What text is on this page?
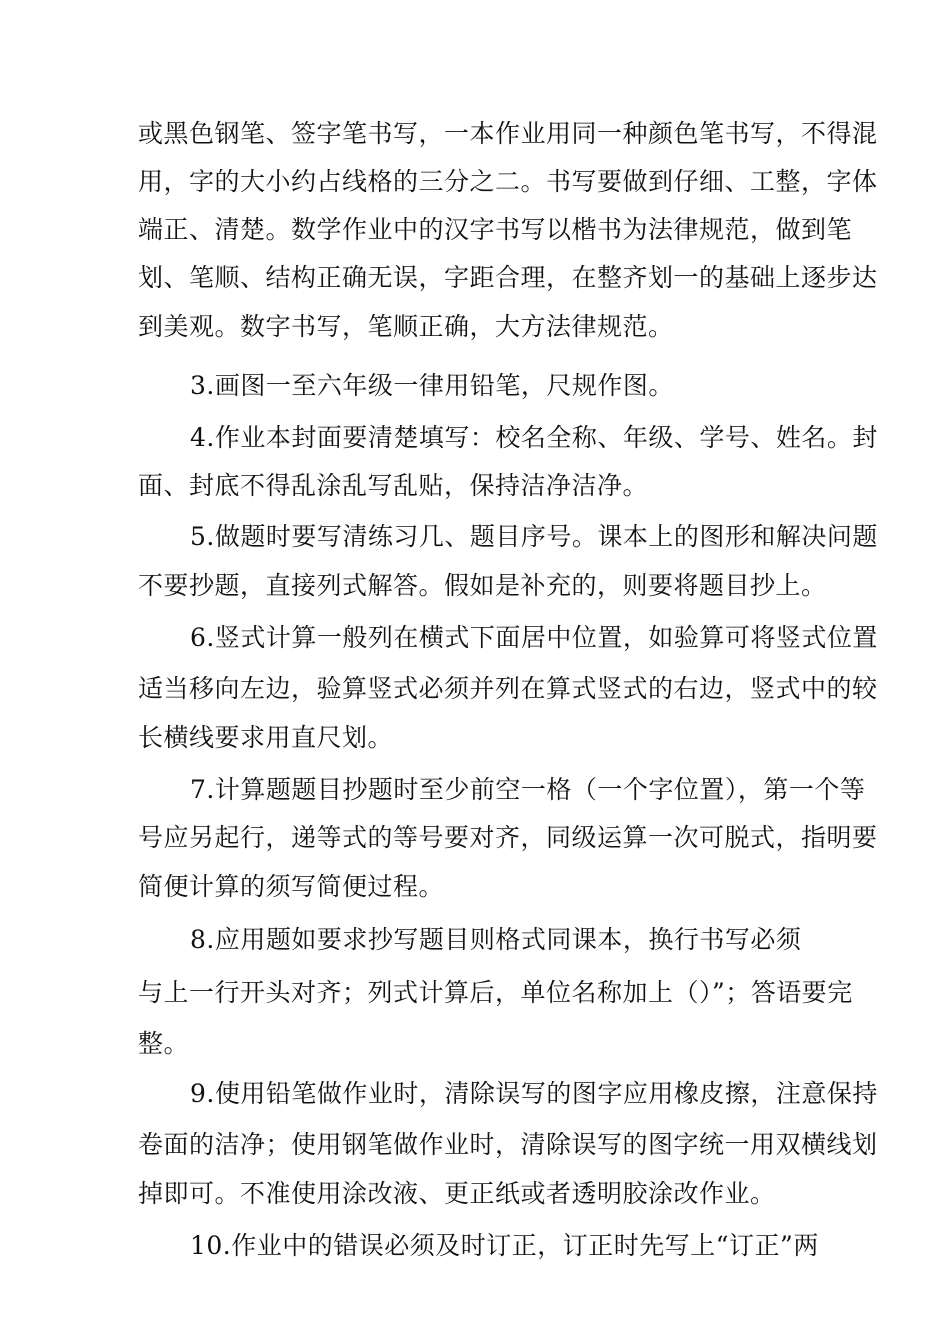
或黑色钢笔、签字笔书写，一本作业用同一种颜色笔书写，不得混
用，字的大小约占线格的三分之二。书写要做到仔细、工整，字体
端正、清楚。数学作业中的汉字书写以楷书为法律规范，做到笔
划、笔顺、结构正确无误，字距合理，在整齐划一的基础上逐步达
到美观。数字书写，笔顺正确，大方法律规范。
3.画图一至六年级一律用铅笔，尺规作图。
4.作业本封面要清楚填写：校名全称、年级、学号、姓名。封
面、封底不得乱涂乱写乱贴，保持洁净洁净。
5.做题时要写清练习几、题目序号。课本上的图形和解决问题
不要抄题，直接列式解答。假如是补充的，则要将题目抄上。
6.竖式计算一般列在横式下面居中位置，如验算可将竖式位置
适当移向左边，验算竖式必须并列在算式竖式的右边，竖式中的较
长横线要求用直尺划。
7.计算题题目抄题时至少前空一格（一个字位置），第一个等
号应另起行，递等式的等号要对齐，同级运算一次可脱式，指明要
简便计算的须写简便过程。
8.应用题如要求抄写题目则格式同课本，换行书写必须
与上一行开头对齐；列式计算后，单位名称加上（）”；答语要完
整。
9.使用铅笔做作业时，清除误写的图字应用橡皮擦，注意保持
卷面的洁净；使用钢笔做作业时，清除误写的图字统一用双横线划
掉即可。不准使用涂改液、更正纸或者透明胶涂改作业。
10.作业中的错误必须及时订正，订正时先写上“订正”两
